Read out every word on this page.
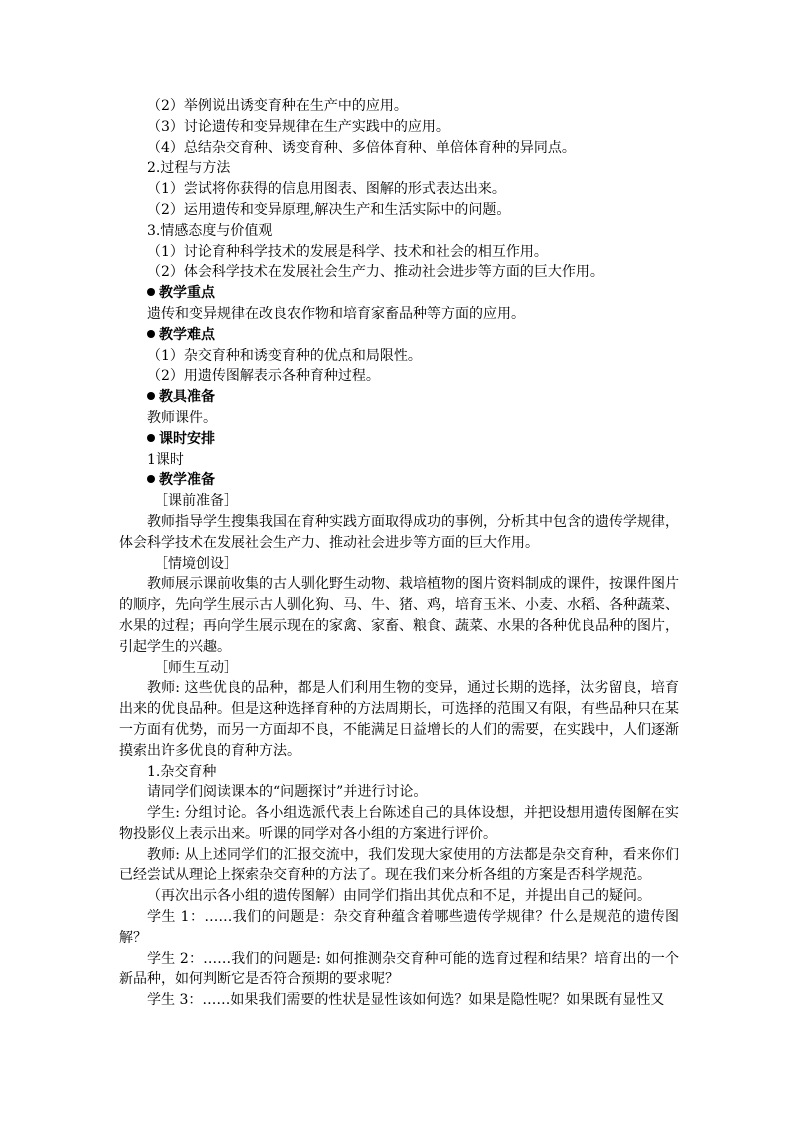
（2）举例说出诱变育种在生产中的应用。
（3）讨论遗传和变异规律在生产实践中的应用。
（4）总结杂交育种、诱变育种、多倍体育种、单倍体育种的异同点。
2.过程与方法
（1）尝试将你获得的信息用图表、图解的形式表达出来。
（2）运用遗传和变异原理,解决生产和生活实际中的问题。
3.情感态度与价值观
（1）讨论育种科学技术的发展是科学、技术和社会的相互作用。
（2）体会科学技术在发展社会生产力、推动社会进步等方面的巨大作用。
教学重点
遗传和变异规律在改良农作物和培育家畜品种等方面的应用。
教学难点
（1）杂交育种和诱变育种的优点和局限性。
（2）用遗传图解表示各种育种过程。
教具准备
教师课件。
课时安排
1课时
教学准备
［课前准备］
教师指导学生搜集我国在育种实践方面取得成功的事例，分析其中包含的遗传学规律，体会科学技术在发展社会生产力、推动社会进步等方面的巨大作用。
［情境创设］
教师展示课前收集的古人驯化野生动物、栽培植物的图片资料制成的课件，按课件图片的顺序，先向学生展示古人驯化狗、马、牛、猪、鸡，培育玉米、小麦、水稻、各种蔬菜、水果的过程；再向学生展示现在的家禽、家畜、粮食、蔬菜、水果的各种优良品种的图片，引起学生的兴趣。
［师生互动］
教师: 这些优良的品种，都是人们利用生物的变异，通过长期的选择，汰劣留良，培育出来的优良品种。但是这种选择育种的方法周期长，可选择的范围又有限，有些品种只在某一方面有优势，而另一方面却不良，不能满足日益增长的人们的需要，在实践中，人们逐渐摸索出许多优良的育种方法。
1.杂交育种
请同学们阅读课本的“问题探讨”并进行讨论。
学生: 分组讨论。各小组选派代表上台陈述自己的具体设想，并把设想用遗传图解在实物投影仪上表示出来。听课的同学对各小组的方案进行评价。
教师: 从上述同学们的汇报交流中，我们发现大家使用的方法都是杂交育种，看来你们已经尝试从理论上探索杂交育种的方法了。现在我们来分析各组的方案是否科学规范。
（再次出示各小组的遗传图解）由同学们指出其优点和不足，并提出自己的疑问。
学生 1：……我们的问题是：杂交育种蕴含着哪些遗传学规律？什么是规范的遗传图解？
学生 2：……我们的问题是: 如何推测杂交育种可能的选育过程和结果？培育出的一个新品种，如何判断它是否符合预期的要求呢？
学生 3：……如果我们需要的性状是显性该如何选？如果是隐性呢？如果既有显性又
